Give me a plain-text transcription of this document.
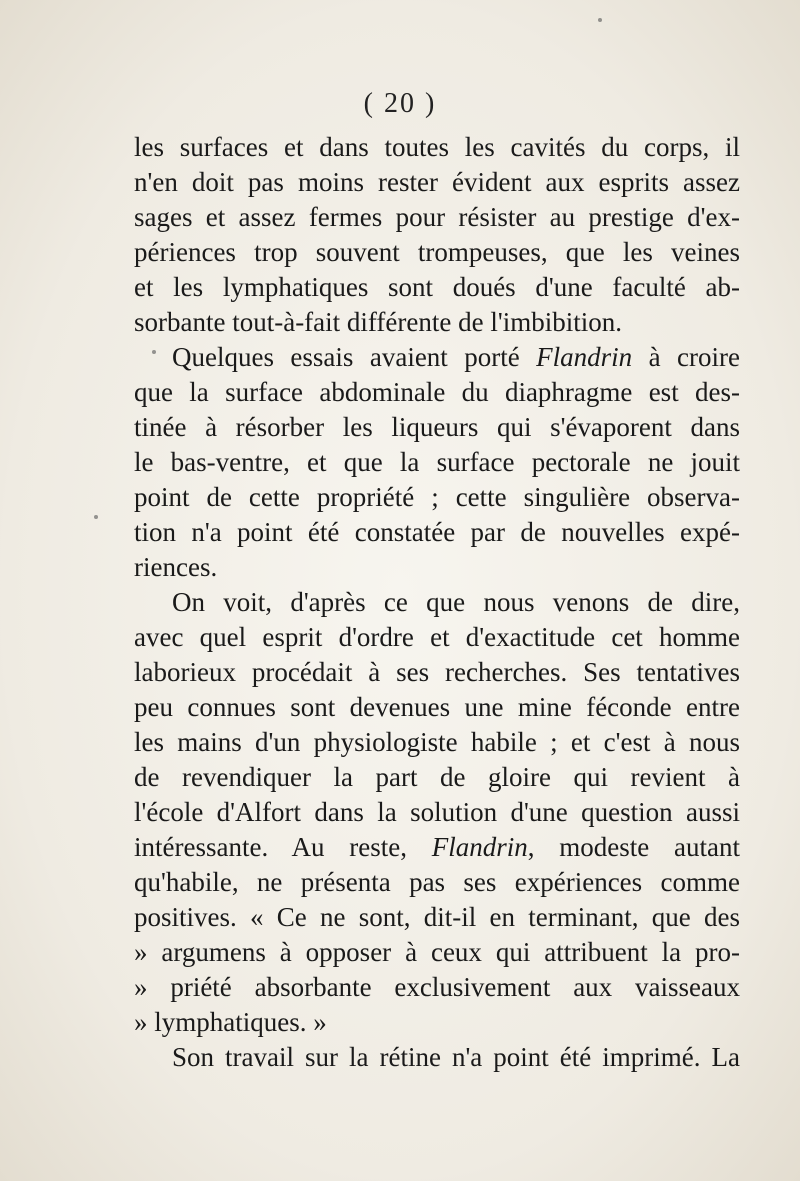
( 20 )
les surfaces et dans toutes les cavités du corps, il
n'en doit pas moins rester évident aux esprits assez
sages et assez fermes pour résister au prestige d'ex-
périences trop souvent trompeuses, que les veines
et les lymphatiques sont doués d'une faculté ab-
sorbante tout-à-fait différente de l'imbibition.
Quelques essais avaient porté Flandrin à croire
que la surface abdominale du diaphragme est des-
tinée à résorber les liqueurs qui s'évaporent dans
le bas-ventre, et que la surface pectorale ne jouit
point de cette propriété ; cette singulière observa-
tion n'a point été constatée par de nouvelles expé-
riences.
On voit, d'après ce que nous venons de dire,
avec quel esprit d'ordre et d'exactitude cet homme
laborieux procédait à ses recherches. Ses tentatives
peu connues sont devenues une mine féconde entre
les mains d'un physiologiste habile ; et c'est à nous
de revendiquer la part de gloire qui revient à
l'école d'Alfort dans la solution d'une question aussi
intéressante. Au reste, Flandrin, modeste autant
qu'habile, ne présenta pas ses expériences comme
positives. « Ce ne sont, dit-il en terminant, que des
» argumens à opposer à ceux qui attribuent la pro-
» priété absorbante exclusivement aux vaisseaux
» lymphatiques. »
Son travail sur la rétine n'a point été imprimé. La
